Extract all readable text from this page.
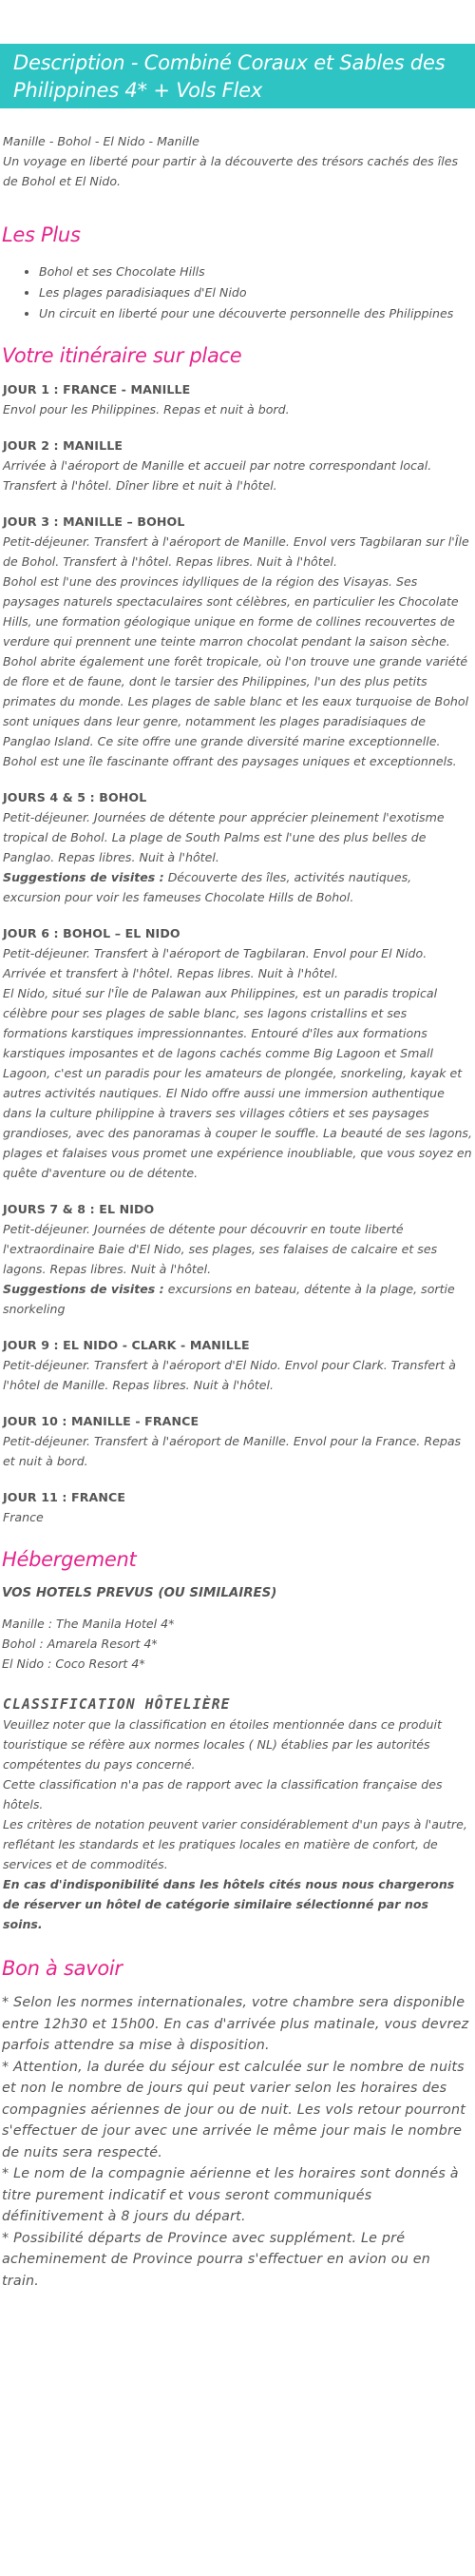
Description - Combiné Coraux et Sables des Philippines 4* + Vols Flex
Manille - Bohol - El Nido - Manille
Un voyage en liberté pour partir à la découverte des trésors cachés des îles de Bohol et El Nido.
Les Plus
• Bohol et ses Chocolate Hills
• Les plages paradisiaques d'El Nido
• Un circuit en liberté pour une découverte personnelle des Philippines
Votre itinéraire sur place
JOUR 1 : FRANCE - MANILLE

Envol pour les Philippines. Repas et nuit à bord.

JOUR 2 : MANILLE

Arrivée à l'aéroport de Manille et accueil par notre correspondant local. Transfert à l'hôtel. Dîner libre et nuit à l'hôtel.

JOUR 3 : MANILLE – BOHOL

Petit-déjeuner. Transfert à l'aéroport de Manille. Envol vers Tagbilaran sur l'Île de Bohol. Transfert à l'hôtel. Repas libres. Nuit à l'hôtel.

Bohol est l'une des provinces idylliques de la région des Visayas. Ses paysages naturels spectaculaires sont célèbres, en particulier les Chocolate Hills, une formation géologique unique en forme de collines recouvertes de verdure qui prennent une teinte marron chocolat pendant la saison sèche. Bohol abrite également une forêt tropicale, où l'on trouve une grande variété de flore et de faune, dont le tarsier des Philippines, l'un des plus petits primates du monde. Les plages de sable blanc et les eaux turquoise de Bohol sont uniques dans leur genre, notamment les plages paradisiaques de Panglao Island. Ce site offre une grande diversité marine exceptionnelle. Bohol est une île fascinante offrant des paysages uniques et exceptionnels.

JOURS 4 & 5 : BOHOL

Petit-déjeuner. Journées de détente pour apprécier pleinement l'exotisme tropical de Bohol. La plage de South Palms est l'une des plus belles de Panglao. Repas libres. Nuit à l'hôtel.

Suggestions de visites : Découverte des îles, activités nautiques, excursion pour voir les fameuses Chocolate Hills de Bohol.

JOUR 6 : BOHOL – EL NIDO

Petit-déjeuner. Transfert à l'aéroport de Tagbilaran. Envol pour El Nido. Arrivée et transfert à l'hôtel. Repas libres. Nuit à l'hôtel.

El Nido, situé sur l'Île de Palawan aux Philippines, est un paradis tropical célèbre pour ses plages de sable blanc, ses lagons cristallins et ses formations karstiques impressionnantes. Entouré d'îles aux formations karstiques imposantes et de lagons cachés comme Big Lagoon et Small Lagoon, c'est un paradis pour les amateurs de plongée, snorkeling, kayak et autres activités nautiques. El Nido offre aussi une immersion authentique dans la culture philippine à travers ses villages côtiers et ses paysages grandioses, avec des panoramas à couper le souffle. La beauté de ses lagons, plages et falaises vous promet une expérience inoubliable, que vous soyez en quête d'aventure ou de détente.

JOURS 7 & 8 : EL NIDO

Petit-déjeuner. Journées de détente pour découvrir en toute liberté l'extraordinaire Baie d'El Nido, ses plages, ses falaises de calcaire et ses lagons. Repas libres. Nuit à l'hôtel.

Suggestions de visites : excursions en bateau, détente à la plage, sortie snorkeling

JOUR 9 : EL NIDO - CLARK - MANILLE

Petit-déjeuner. Transfert à l'aéroport d'El Nido. Envol pour Clark. Transfert à l'hôtel de Manille. Repas libres. Nuit à l'hôtel.

JOUR 10 : MANILLE - FRANCE

Petit-déjeuner. Transfert à l'aéroport de Manille. Envol pour la France. Repas et nuit à bord.

JOUR 11 : FRANCE

France

Hébergement
VOS HOTELS PREVUS (OU SIMILAIRES)
Manille : The Manila Hotel 4*
Bohol : Amarela Resort 4*
El Nido : Coco Resort 4*
CLASSIFICATION HÔTELIÈRE
Veuillez noter que la classification en étoiles mentionnée dans ce produit touristique se réfère aux normes locales ( NL) établies par les autorités compétentes du pays concerné.
Cette classification n'a pas de rapport avec la classification française des hôtels.
Les critères de notation peuvent varier considérablement d'un pays à l'autre, reflétant les standards et les pratiques locales en matière de confort, de services et de commodités.
En cas d'indisponibilité dans les hôtels cités nous nous chargerons de réserver un hôtel de catégorie similaire sélectionné par nos soins.
Bon à savoir
* Selon les normes internationales, votre chambre sera disponible entre 12h30 et 15h00. En cas d'arrivée plus matinale, vous devrez parfois attendre sa mise à disposition.
* Attention, la durée du séjour est calculée sur le nombre de nuits et non le nombre de jours qui peut varier selon les horaires des compagnies aériennes de jour ou de nuit. Les vols retour pourront s'effectuer de jour avec une arrivée le même jour mais le nombre de nuits sera respecté.
* Le nom de la compagnie aérienne et les horaires sont donnés à titre purement indicatif et vous seront communiqués définitivement à 8 jours du départ.
* Possibilité départs de Province avec supplément. Le pré acheminement de Province pourra s'effectuer en avion ou en train.
